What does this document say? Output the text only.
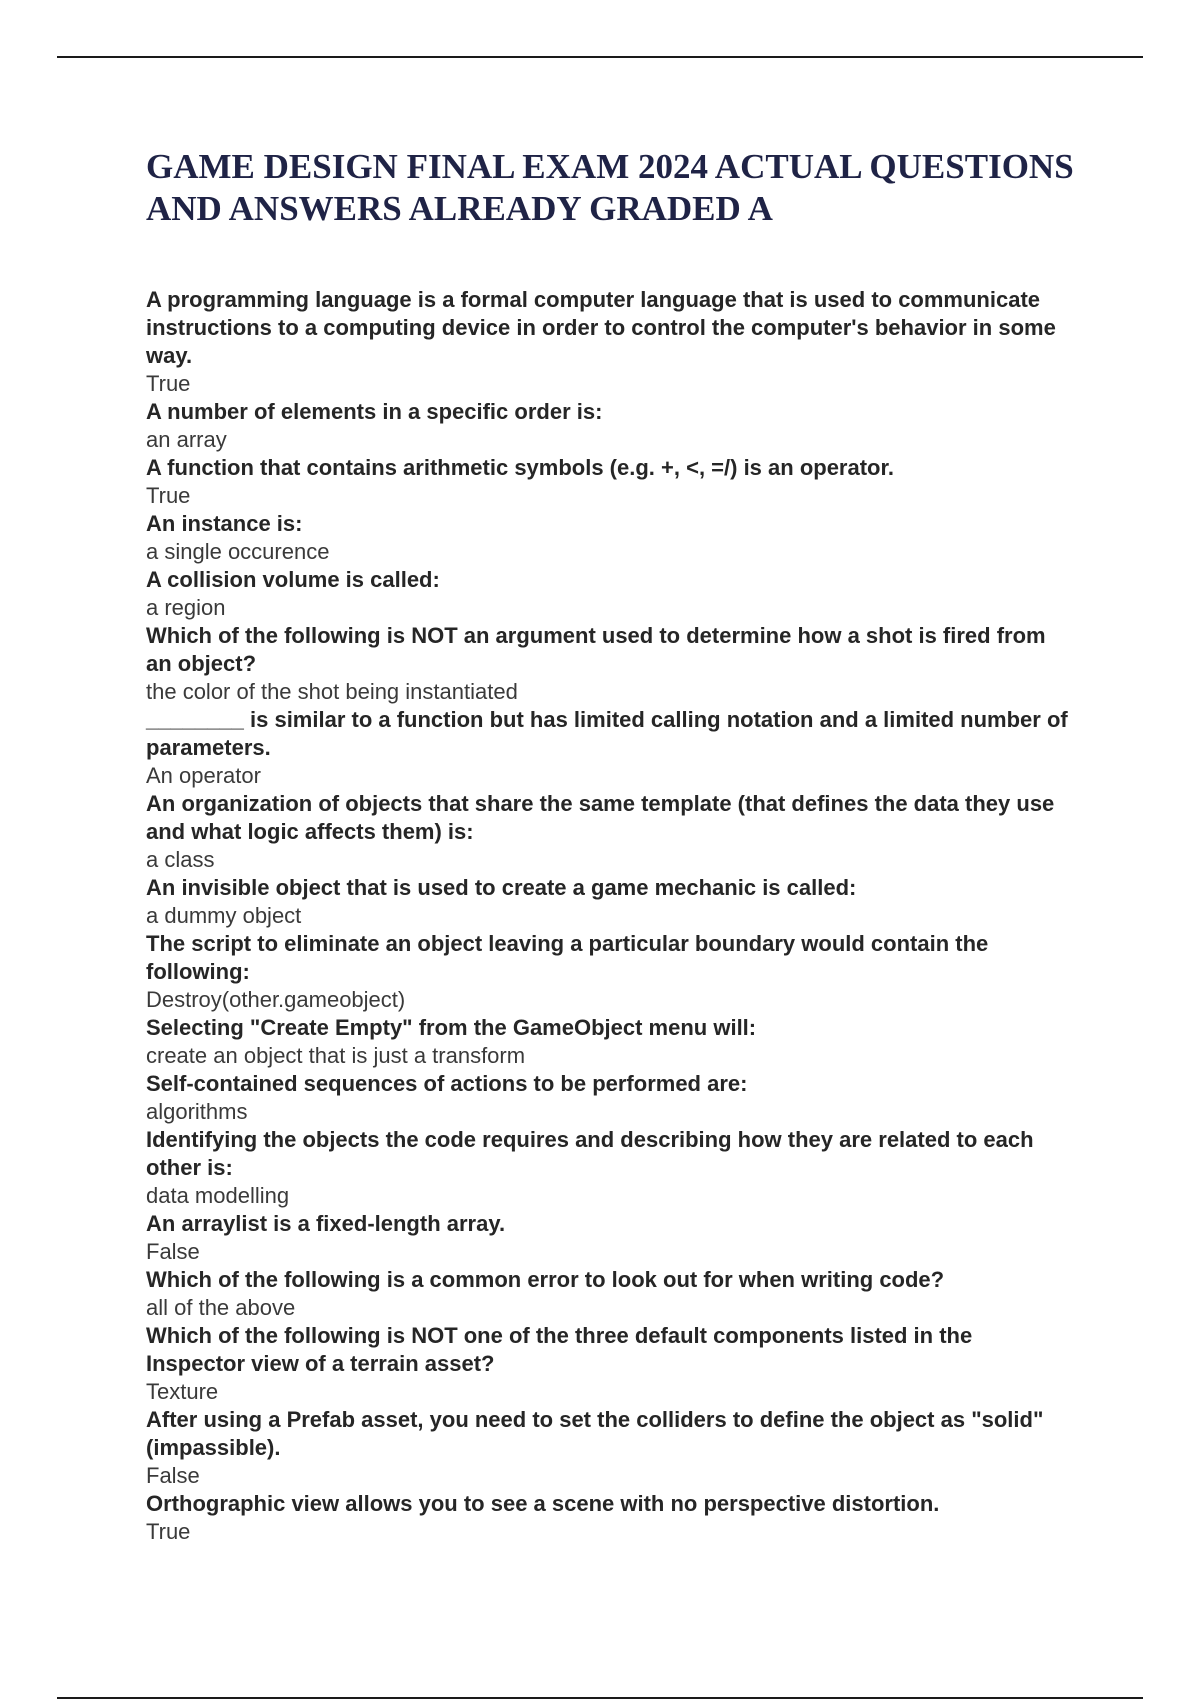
GAME DESIGN FINAL EXAM 2024 ACTUAL QUESTIONS AND ANSWERS ALREADY GRADED A
A programming language is a formal computer language that is used to communicate instructions to a computing device in order to control the computer's behavior in some way.
True
A number of elements in a specific order is:
an array
A function that contains arithmetic symbols (e.g. +, <, =/) is an operator.
True
An instance is:
a single occurence
A collision volume is called:
a region
Which of the following is NOT an argument used to determine how a shot is fired from an object?
the color of the shot being instantiated
________ is similar to a function but has limited calling notation and a limited number of parameters.
An operator
An organization of objects that share the same template (that defines the data they use and what logic affects them) is:
a class
An invisible object that is used to create a game mechanic is called:
a dummy object
The script to eliminate an object leaving a particular boundary would contain the following:
Destroy(other.gameobject)
Selecting "Create Empty" from the GameObject menu will:
create an object that is just a transform
Self-contained sequences of actions to be performed are:
algorithms
Identifying the objects the code requires and describing how they are related to each other is:
data modelling
An arraylist is a fixed-length array.
False
Which of the following is a common error to look out for when writing code?
all of the above
Which of the following is NOT one of the three default components listed in the Inspector view of a terrain asset?
Texture
After using a Prefab asset, you need to set the colliders to define the object as "solid" (impassible).
False
Orthographic view allows you to see a scene with no perspective distortion.
True
